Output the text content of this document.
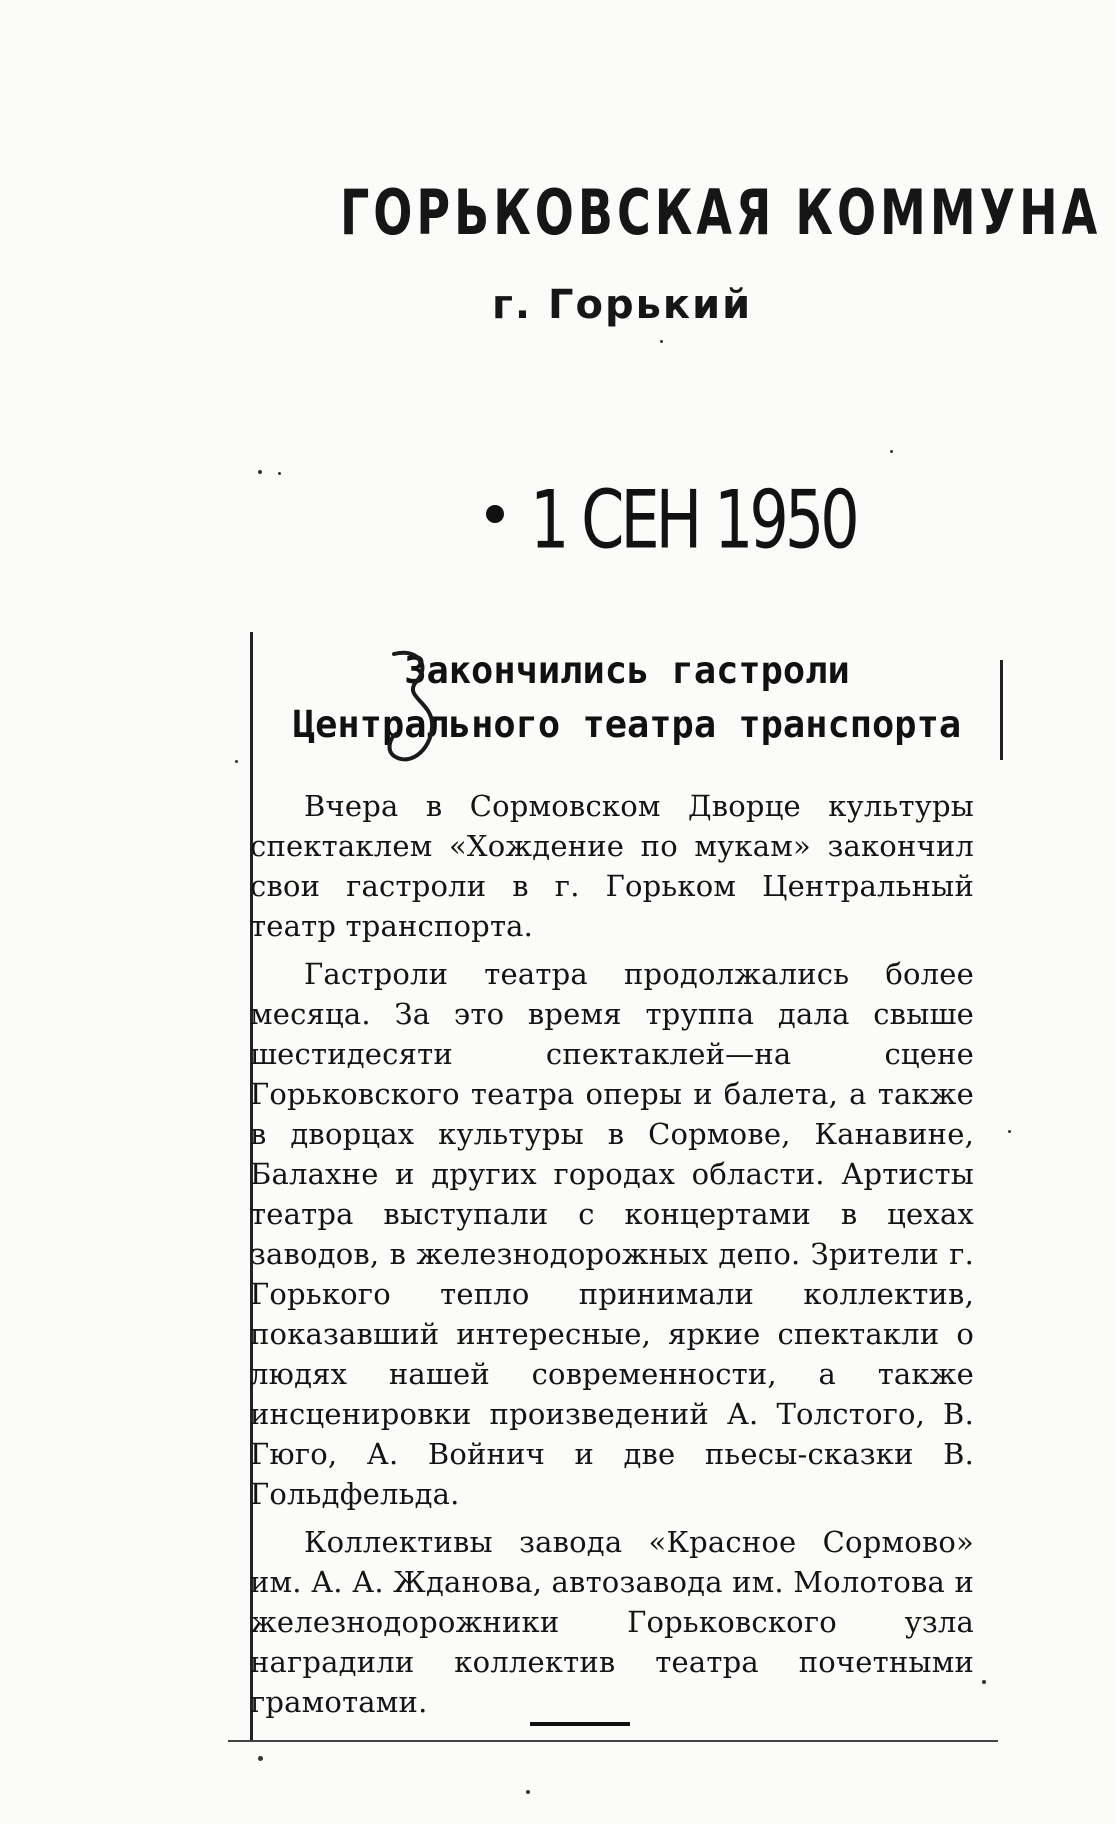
ГОРЬКОВСКАЯ КОММУНА
г. Горький
1 СЕН 1950
Закончились гастроли
Центрального театра транспорта

Вчера в Сормовском Дворце культуры спектаклем «Хождение по мукам» закончил свои гастроли в г. Горьком Центральный театр транспорта.

Гастроли театра продолжались более месяца. За это время труппа дала свыше шестидесяти спектаклей—на сцене Горьковского театра оперы и балета, а также в дворцах культуры в Сормове, Канавине, Балахне и других городах области. Артисты театра выступали с концертами в цехах заводов, в железнодорожных депо. Зрители г. Горького тепло принимали коллектив, показавший интересные, яркие спектакли о людях нашей современности, а также инсценировки произведений А. Толстого, В. Гюго, А. Войнич и две пьесы-сказки В. Гольдфельда.

Коллективы завода «Красное Сормово» им. А. А. Жданова, автозавода им. Молотова и железнодорожники Горьковского узла наградили коллектив театра почетными грамотами.
